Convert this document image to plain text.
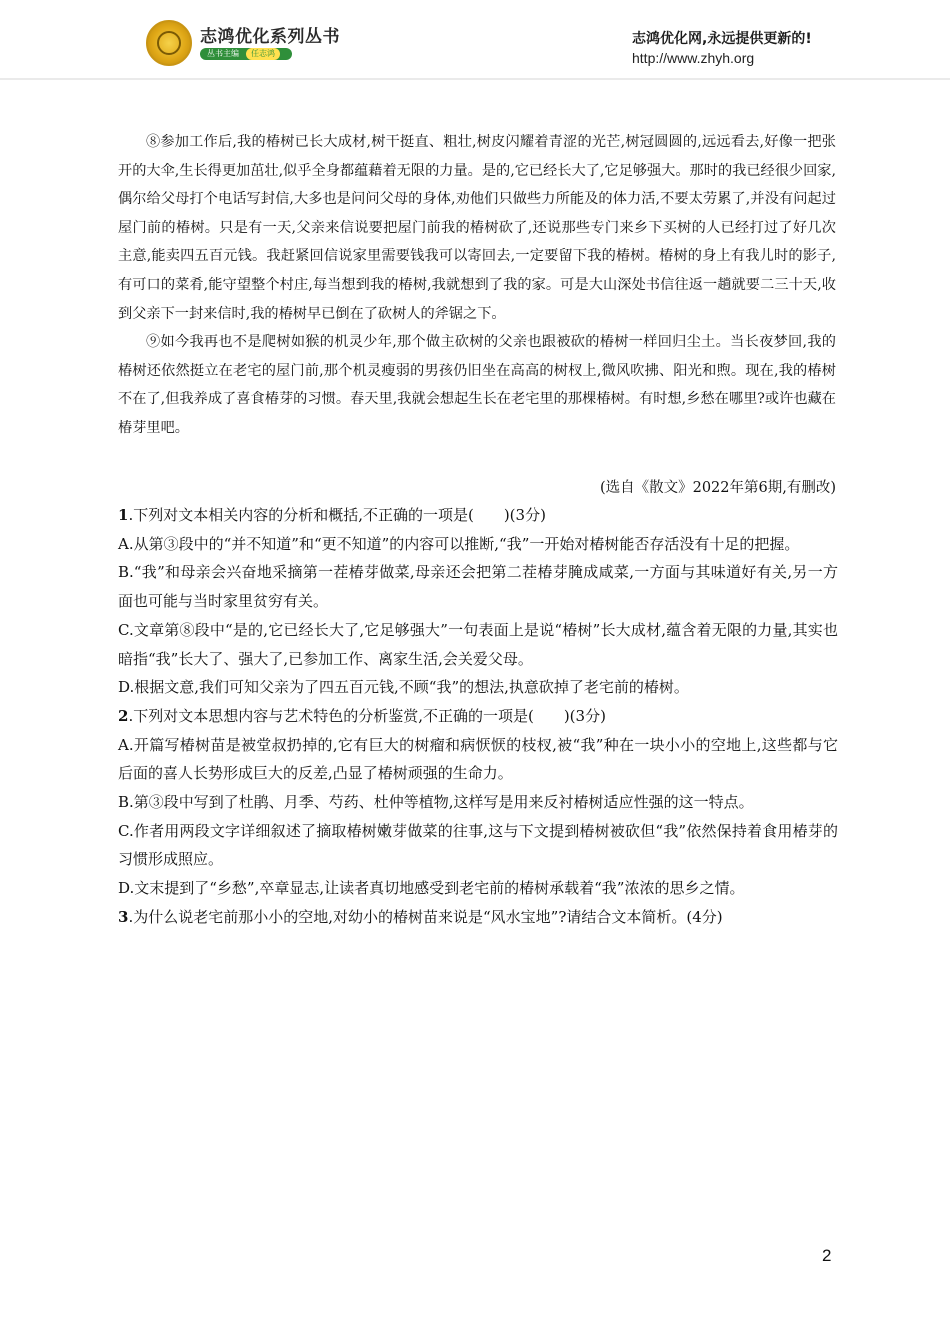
志鸿优化系列丛书
丛书主编	任志鸿
志鸿优化网,永远提供更新的!
http://www.zhyh.org

⑧参加工作后,我的椿树已长大成材,树干挺直、粗壮,树皮闪耀着青涩的光芒,树冠圆圆的,远远看去,好像一把张开的大伞,生长得更加茁壮,似乎全身都蕴藉着无限的力量。是的,它已经长大了,它足够强大。那时的我已经很少回家,偶尔给父母打个电话写封信,大多也是问问父母的身体,劝他们只做些力所能及的体力活,不要太劳累了,并没有问起过屋门前的椿树。只是有一天,父亲来信说要把屋门前我的椿树砍了,还说那些专门来乡下买树的人已经打过了好几次主意,能卖四五百元钱。我赶紧回信说家里需要钱我可以寄回去,一定要留下我的椿树。椿树的身上有我儿时的影子,有可口的菜肴,能守望整个村庄,每当想到我的椿树,我就想到了我的家。可是大山深处书信往返一趟就要二三十天,收到父亲下一封来信时,我的椿树早已倒在了砍树人的斧锯之下。

⑨如今我再也不是爬树如猴的机灵少年,那个做主砍树的父亲也跟被砍的椿树一样回归尘土。当长夜梦回,我的椿树还依然挺立在老宅的屋门前,那个机灵瘦弱的男孩仍旧坐在高高的树杈上,微风吹拂、阳光和煦。现在,我的椿树不在了,但我养成了喜食椿芽的习惯。春天里,我就会想起生长在老宅里的那棵椿树。有时想,乡愁在哪里?或许也藏在椿芽里吧。

(选自《散文》2022年第6期,有删改)

1.下列对文本相关内容的分析和概括,不正确的一项是(　　)(3分)

A.从第③段中的“并不知道”和“更不知道”的内容可以推断,“我”一开始对椿树能否存活没有十足的把握。

B.“我”和母亲会兴奋地采摘第一茬椿芽做菜,母亲还会把第二茬椿芽腌成咸菜,一方面与其味道好有关,另一方面也可能与当时家里贫穷有关。

C.文章第⑧段中“是的,它已经长大了,它足够强大”一句表面上是说“椿树”长大成材,蕴含着无限的力量,其实也暗指“我”长大了、强大了,已参加工作、离家生活,会关爱父母。

D.根据文意,我们可知父亲为了四五百元钱,不顾“我”的想法,执意砍掉了老宅前的椿树。

2.下列对文本思想内容与艺术特色的分析鉴赏,不正确的一项是(　　)(3分)

A.开篇写椿树苗是被堂叔扔掉的,它有巨大的树瘤和病恹恹的枝杈,被“我”种在一块小小的空地上,这些都与它后面的喜人长势形成巨大的反差,凸显了椿树顽强的生命力。

B.第③段中写到了杜鹃、月季、芍药、杜仲等植物,这样写是用来反衬椿树适应性强的这一特点。

C.作者用两段文字详细叙述了摘取椿树嫩芽做菜的往事,这与下文提到椿树被砍但“我”依然保持着食用椿芽的习惯形成照应。

D.文末提到了“乡愁”,卒章显志,让读者真切地感受到老宅前的椿树承载着“我”浓浓的思乡之情。

3.为什么说老宅前那小小的空地,对幼小的椿树苗来说是“风水宝地”?请结合文本简析。(4分)

2
